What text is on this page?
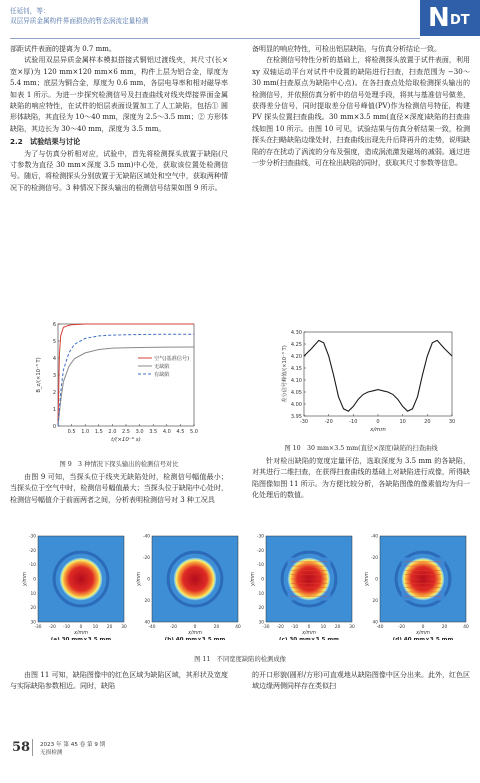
任延钊，等：
双层异质金属构件界面损伤的暂态涡流定量检测	N DT

部距试件表面的提离为 0.7 mm。

试验用双层异质金属样本模拟搭接式铜铝过渡线夹，其尺寸(长×宽×厚)为 120 mm×120 mm×6 mm，构件上层为铝合金，厚度为 5.4 mm；底层为铜合金，厚度为 0.6 mm，各层电导率和相对磁导率如表 1 所示。为进一步探究检测信号及扫查曲线对线夹焊接界面金属缺陷的响应特性，在试件的铝层表面设置加工了人工缺陷，包括① 圆形体缺陷，其直径为 10～40 mm，深度为 2.5～3.5 mm；② 方形体缺陷，其边长为 30～40 mm，深度为 3.5 mm。

2.2　试验结果与讨论

为了与仿真分析相对应，试验中，首先将检测探头放置于缺陷(尺寸参数为直径 30 mm×深度 3.5 mm)中心处，获取该位置处检测信号。随后，将检测探头分别放置于无缺陷区域处和空气中，获取两种情况下的检测信号。3 种情况下探头输出的检测信号结果如图 9 所示。

0.5 1.0 1.5 2.0 2.5 3.0 3.5 4.0 4.5 5.0
0
1
2
3
4
5
6
t/(×10⁻⁶ s)
B_z/(×10⁻⁵ T)	空气(基准信号)
无缺陷
有缺陷
图 9　3 种情况下探头输出的检测信号对比

由图 9 可知，当探头位于线夹无缺陷处时，检测信号幅值最小；当探头位于空气中时，检测信号幅值最大；当探头位于缺陷中心处时，检测信号幅值介于前面两者之间，分析表明检测信号对 3 种工况具

备明显的响应特性，可检出铝层缺陷，与仿真分析结论一致。

在检测信号特性分析的基础上，将检测探头放置于试件表面，利用 xy 双轴运动平台对试件中设置的缺陷进行扫查，扫查范围为 −30～30 mm(扫查原点为缺陷中心点)。在各扫查点处给取检测探头输出的检测信号，并依照仿真分析中的信号处理手段，将其与基准信号做差，获得差分信号，同时提取差分信号峰值(PV)作为检测信号特征，构建 PV 探头位置扫查曲线。30 mm×3.5 mm(直径×深度)缺陷的扫查曲线如图 10 所示。由图 10 可见，试验结果与仿真分析结果一致，检测探头在扫略缺陷边缘处时，扫查曲线出现先升后降再升的走势，说明缺陷的存在扰动了涡流的分布及强度，造成涡流激发磁场的减弱。通过进一步分析扫查曲线，可在检出缺陷的同时，获取其尺寸参数等信息。

-30	-20	-10	0	10	20	30
3.95
4.00
4.05
4.10
4.15
4.20
4.25
4.30
x/mm
差分信号峰值/(×10⁻⁵ T)
图 10　30 mm×3.5 mm(直径×深度)缺陷的扫查曲线

针对检出缺陷的宽度定量评估，选取深度为 3.5 mm 的各缺陷，对其进行二维扫查，在获得扫查曲线的基础上对缺陷进行成像，所得缺陷图像如图 11 所示。为方便比较分析，各缺陷图像的像素值均为归一化处理后的数值。

-30
-30
-20
-20
-10
-10
0
0
10
10
20
20
30
30
x/mm
y/mm
(a) 30 mm×3.5 mm
-40
-40
-20
-20
0
0
20
20
40
40
x/mm
y/mm
(b) 40 mm×3.5 mm
-30
-30
-20
-20
-10
-10
0
0
10
10
20
20
30
30
x/mm
y/mm
(c) 30 mm×3.5 mm
-40
-40
-20
-20
0
0
20
20
40
40
x/mm
y/mm
(d) 40 mm×3.5 mm
图 11　不同宽度缺陷的检测成像

由图 11 可知，缺陷图像中的红色区域为缺陷区域，其形状及宽度与实际缺陷参数相近。同时，缺陷

的开口形貌(圆形/方形)可直观地从缺陷图像中区分出来。此外，红色区域边缘两侧同样存在类似扫

58 2023 年 第 45 卷 第 9 期
无损检测
